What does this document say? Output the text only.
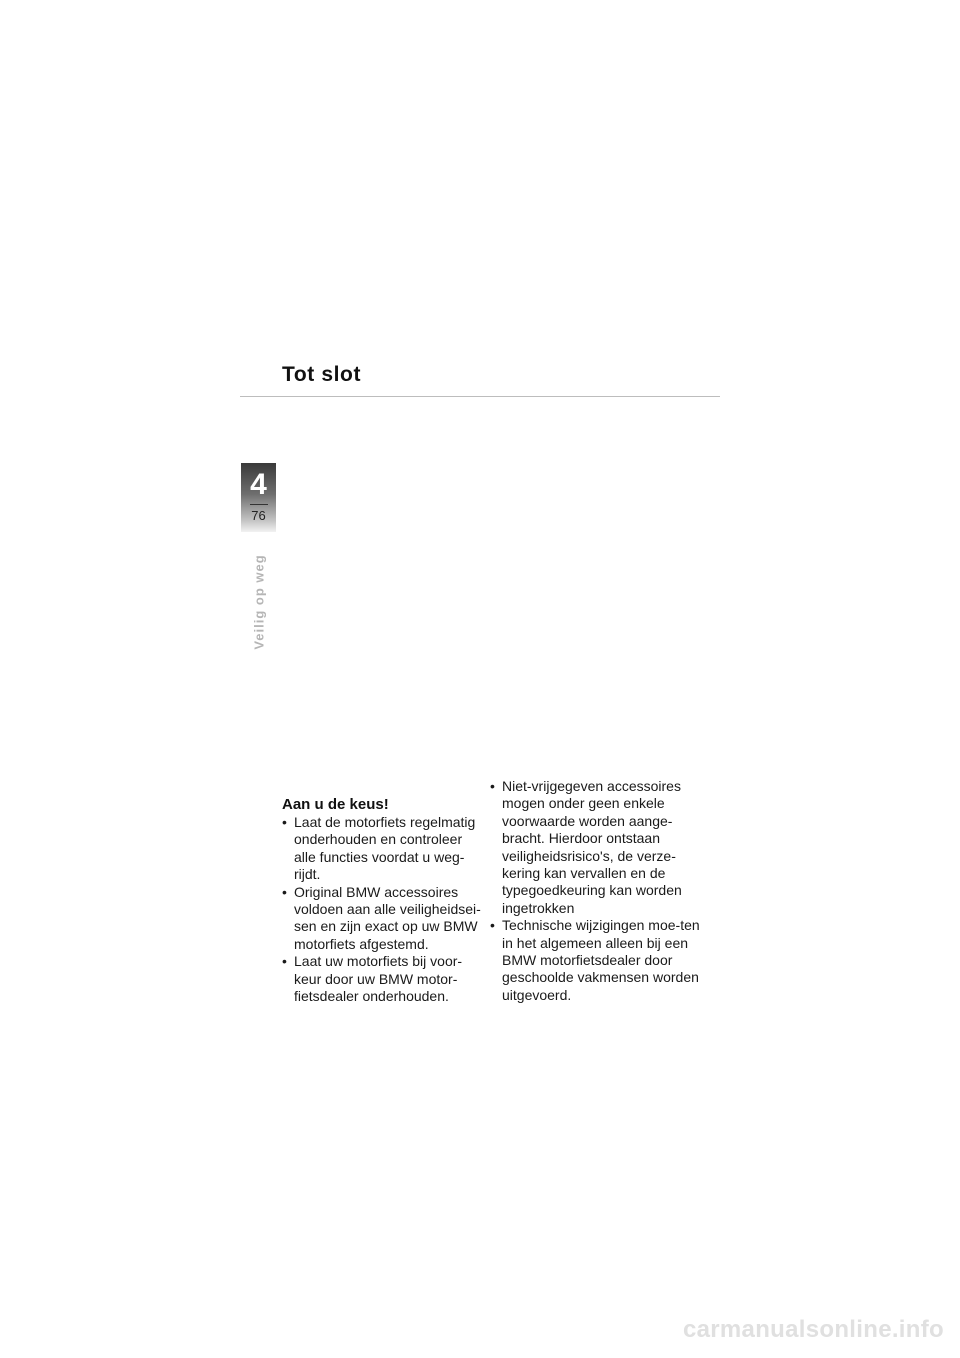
Tot slot
4
76
Veilig op weg
Aan u de keus!
• Laat de motorfiets regelmatig onderhouden en controleer alle functies voordat u weg-rijdt.
• Original BMW accessoires voldoen aan alle veiligheidsei-sen en zijn exact op uw BMW motorfiets afgestemd.
• Laat uw motorfiets bij voor-keur door uw BMW motor-fietsdealer onderhouden.
• Niet-vrijgegeven accessoires mogen onder geen enkele voorwaarde worden aange-bracht. Hierdoor ontstaan veiligheidsrisico's, de verze-kering kan vervallen en de typegoedkeuring kan worden ingetrokken
• Technische wijzigingen moe-ten in het algemeen alleen bij een BMW motorfietsdealer door geschoolde vakmensen worden uitgevoerd.
carmanualsonline.info
